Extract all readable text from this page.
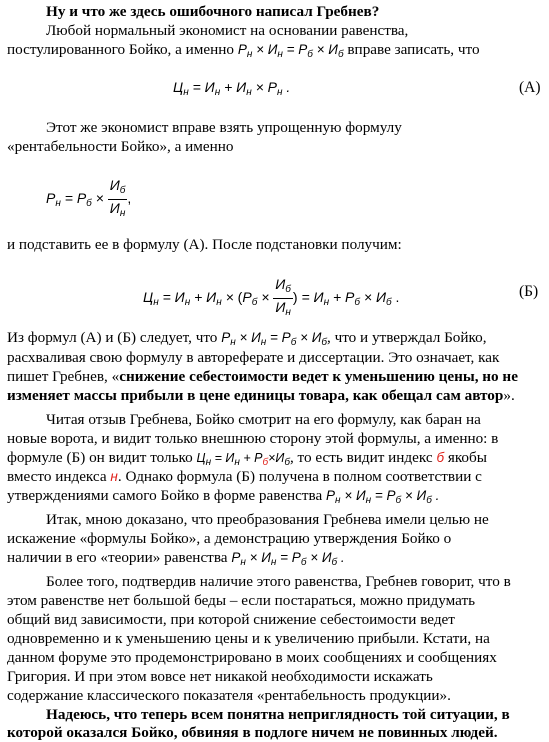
Ну и что же здесь ошибочного написал Гребнев?
Любой нормальный экономист на основании равенства,
постулированного Бойко, а именно $Р_н \times И_н = Р_б \times И_б$ вправе записать, что
$Ц_н = И_н + И_н \times Р_н$ .	(А)
Этот же экономист вправе взять упрощенную формулу
«рентабельности Бойко», а именно
$Р_н = Р_б \times \frac{И_б}{И_н}$ ,
и подставить ее в формулу (А). После подстановки получим:
$Ц_н = И_н + И_н \times (Р_б \times \frac{И_б}{И_н}$ ) = $И_н + Р_б \times И_б$ .	(Б)
Из формул (А) и (Б) следует, что $Р_н \times И_н = Р_б \times И_б$, что и утверждал Бойко,
расхваливая свою формулу в автореферате и диссертации. Это означает, как
пишет Гребнев, «снижение себестоимости ведет к уменьшению цены, но не
изменяет массы прибыли в цене единицы товара, как обещал сам автор».
Читая отзыв Гребнева, Бойко смотрит на его формулу, как баран на
новые ворота, и видит только внешнюю сторону этой формулы, а именно: в
формуле (Б) он видит только $Ц_н = И_н + Р_б\times И_б$, то есть видит индекс б якобы
вместо индекса н. Однако формула (Б) получена в полном соответствии с
утверждениями самого Бойко в форме равенства $Р_н \times И_н = Р_б \times И_б$ .
Итак, мною доказано, что преобразования Гребнева имели целью не
искажение «формулы Бойко», а демонстрацию утверждения Бойко о
наличии в его «теории» равенства $Р_н \times И_н = Р_б \times И_б$ .
Более того, подтвердив наличие этого равенства, Гребнев говорит, что в
этом равенстве нет большой беды – если постараться, можно придумать
общий вид зависимости, при которой снижение себестоимости ведет
одновременно и к уменьшению цены и к увеличению прибыли. Кстати, на
данном форуме это продемонстрировано в моих сообщениях и сообщениях
Григория. И при этом вовсе нет никакой необходимости искажать
содержание классического показателя «рентабельность продукции».
Надеюсь, что теперь всем понятна неприглядность той ситуации, в
которой оказался Бойко, обвиняя в подлоге ничем не повинных людей.
